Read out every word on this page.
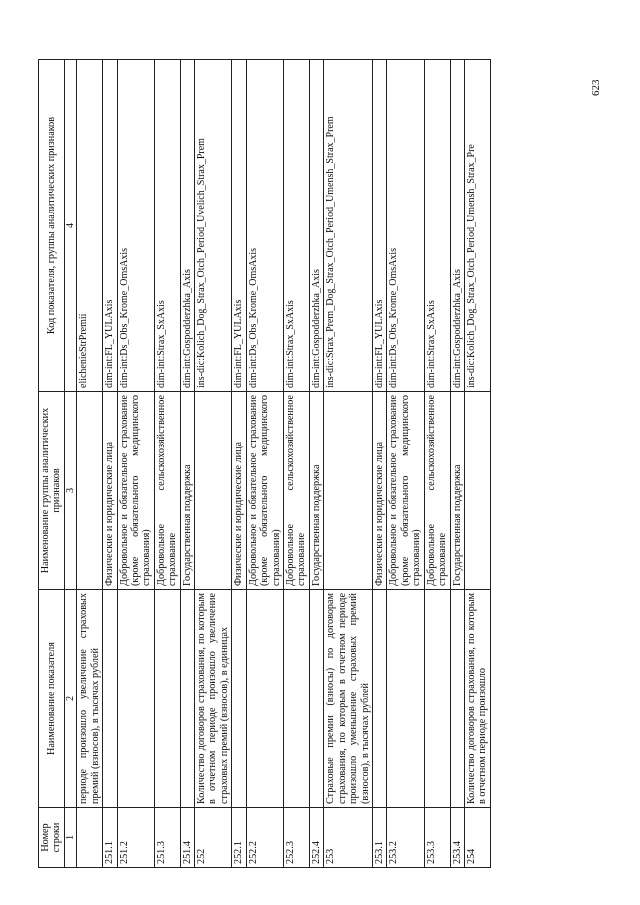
623
Номер строки	Наименование показателя	Наименование группы аналитических признаков	Код показателя, группы аналитических признаков
1	2	3	4
	периоде произошло увеличение страховых премий (взносов), в тысячах рублей		elichenieStrPremii
251.1		Физические и юридические лица	dim-int:FL_YULAxis
251.2		Добровольное и обязательное страхование (кроме обязательного медицинского страхования)	dim-int:Ds_Obs_Krome_OmsAxis
251.3		Добровольное сельскохозяйственное страхование	dim-int:Strax_SxAxis
251.4		Государственная поддержка	dim-int:Gospodderzhka_Axis
252	Количество договоров страхования, по которым в отчетном периоде произошло увеличение страховых премий (взносов), в единицах		ins-dic:Kolich_Dog_Strax_Otch_Period_Uvelich_Strax_Prem
252.1		Физические и юридические лица	dim-int:FL_YULAxis
252.2		Добровольное и обязательное страхование (кроме обязательного медицинского страхования)	dim-int:Ds_Obs_Krome_OmsAxis
252.3		Добровольное сельскохозяйственное страхование	dim-int:Strax_SxAxis
252.4		Государственная поддержка	dim-int:Gospodderzhka_Axis
253	Страховые премии (взносы) по договорам страхования, по которым в отчетном периоде произошло уменьшение страховых премий (взносов), в тысячах рублей		ins-dic:Strax_Prem_Dog_Strax_Otch_Period_Umensh_Strax_Prem
253.1		Физические и юридические лица	dim-int:FL_YULAxis
253.2		Добровольное и обязательное страхование (кроме обязательного медицинского страхования)	dim-int:Ds_Obs_Krome_OmsAxis
253.3		Добровольное сельскохозяйственное страхование	dim-int:Strax_SxAxis
253.4		Государственная поддержка	dim-int:Gospodderzhka_Axis
254	Количество договоров страхования, по которым в отчетном периоде произошло		ins-dic:Kolich_Dog_Strax_Otch_Period_Umensh_Strax_Pre
